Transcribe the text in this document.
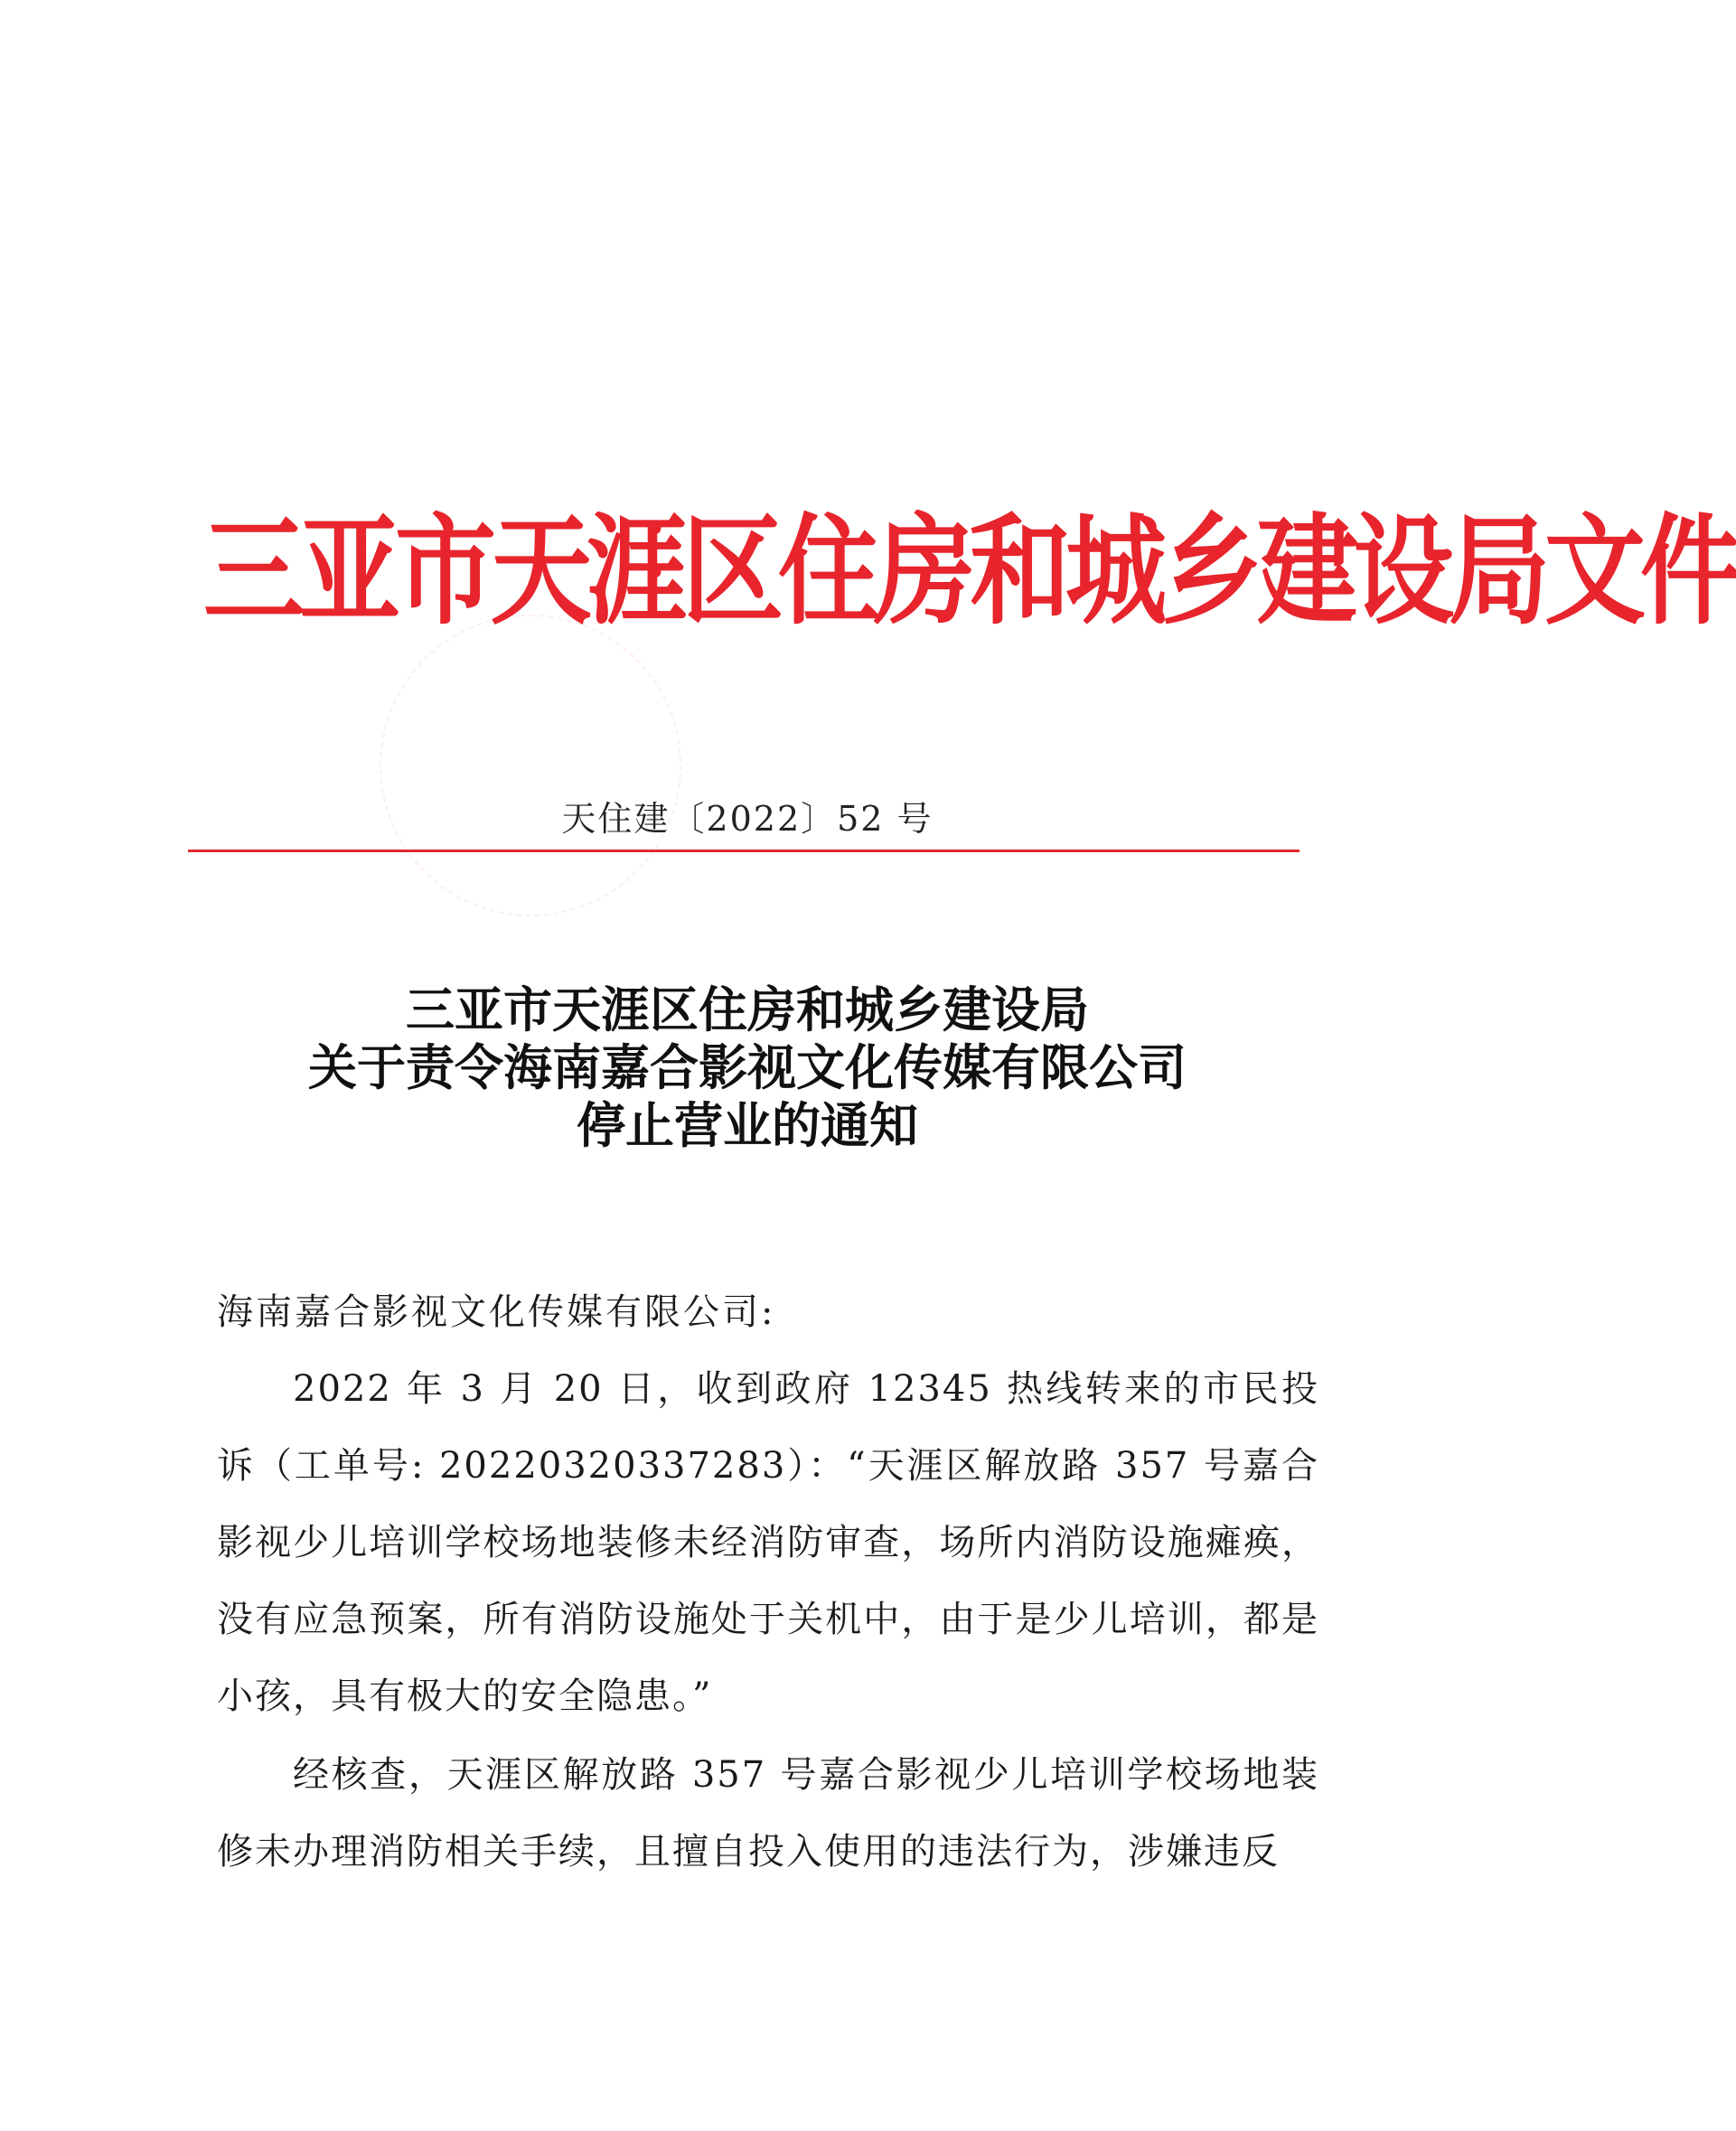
三亚市天涯区住房和城乡建设局文件
天住建〔2022〕52 号
三亚市天涯区住房和城乡建设局
关于责令海南嘉合影视文化传媒有限公司
停止营业的通知

海南嘉合影视文化传媒有限公司:

2022 年 3 月 20 日，收到政府 12345 热线转来的市民投诉（工单号: 20220320337283）：“天涯区解放路 357 号嘉合影视少儿培训学校场地装修未经消防审查，场所内消防设施瘫痪，没有应急预案，所有消防设施处于关机中，由于是少儿培训，都是小孩，具有极大的安全隐患。”

经核查，天涯区解放路 357 号嘉合影视少儿培训学校场地装修未办理消防相关手续，且擅自投入使用的违法行为，涉嫌违反
